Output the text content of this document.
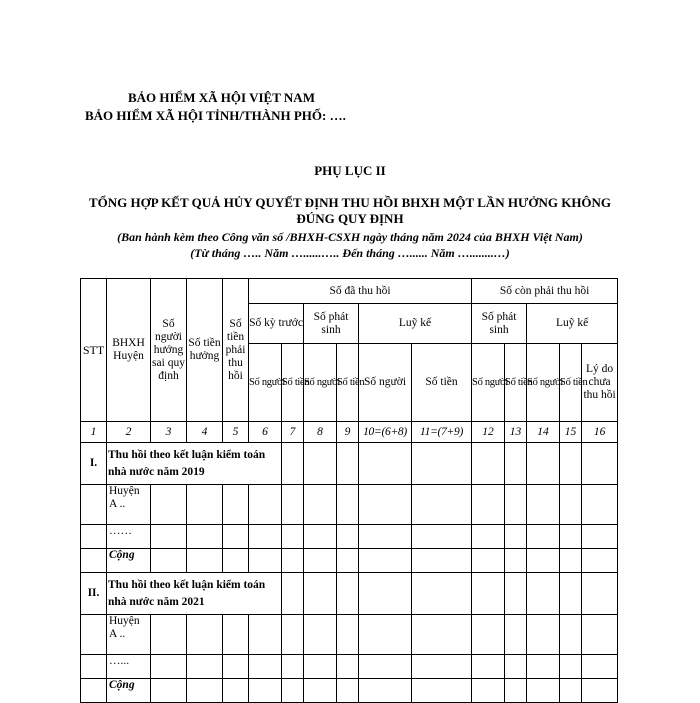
BẢO HIỂM XÃ HỘI VIỆT NAM
BẢO HIỂM XÃ HỘI TỈNH/THÀNH PHỐ: ….
PHỤ LỤC II
TỔNG HỢP KẾT QUẢ HỦY QUYẾT ĐỊNH THU HỒI BHXH MỘT LẦN HƯỞNG KHÔNG
ĐÚNG QUY ĐỊNH
(Ban hành kèm theo Công văn số /BHXH-CSXH ngày tháng năm 2024 của BHXH Việt Nam)
(Từ tháng ….. Năm …......….. Đến tháng …...... Năm …........…)
STT	BHXH Huyện	Số người hưởng sai quy định	Số tiền hưởng	Số tiền phải thu hồi	Số đã thu hồi						Số còn phải thu hồi				
					Số kỳ trước		Số phát sinh		Luỹ kế		Số phát sinh		Luỹ kế		
					Số người	Số tiền	Số người	Số tiền	Số người	Số tiền	Số người	Số tiền	Số người	Số tiền	Lý do chưa thu hồi
1	2	3	4	5	6	7	8	9	10=(6+8)	11=(7+9)	12	13	14	15	16
I.	Thu hồi theo kết luận kiểm toán nhà nước năm 2019														
	Huyện A ..														
	……														
	Cộng														
II.	Thu hồi theo kết luận kiểm toán nhà nước năm 2021														
	Huyện A ..														
	…...														
	Cộng														
